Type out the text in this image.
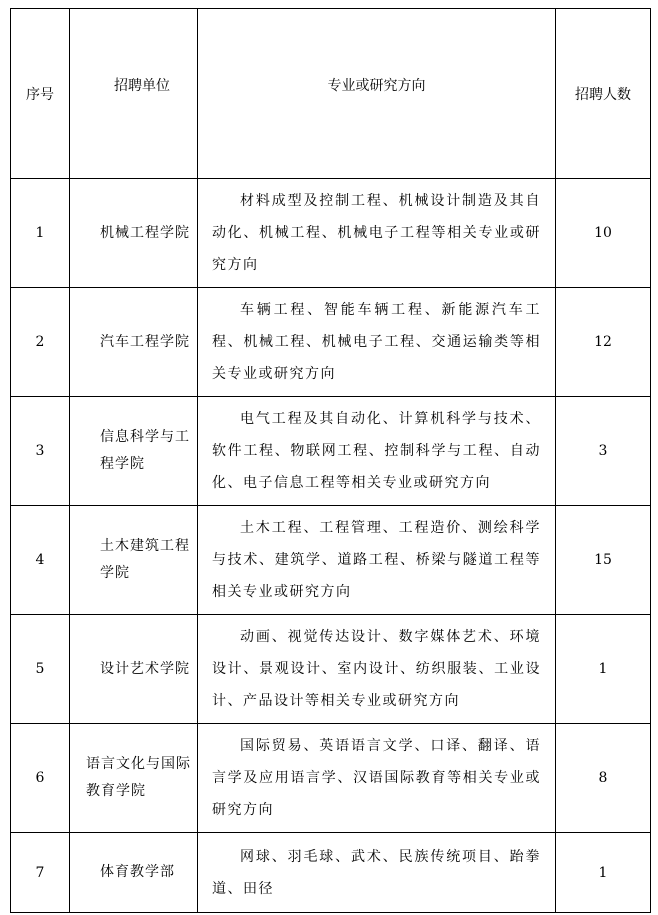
序号	招聘单位	专业或研究方向	招聘人数
1	机械工程学院	材料成型及控制工程、机械设计制造及其自动化、机械工程、机械电子工程等相关专业或研究方向	10
2	汽车工程学院	车辆工程、智能车辆工程、新能源汽车工程、机械工程、机械电子工程、交通运输类等相关专业或研究方向	12
3	信息科学与工程学院	电气工程及其自动化、计算机科学与技术、软件工程、物联网工程、控制科学与工程、自动化、电子信息工程等相关专业或研究方向	3
4	土木建筑工程学院	土木工程、工程管理、工程造价、测绘科学与技术、建筑学、道路工程、桥梁与隧道工程等相关专业或研究方向	15
5	设计艺术学院	动画、视觉传达设计、数字媒体艺术、环境设计、景观设计、室内设计、纺织服装、工业设计、产品设计等相关专业或研究方向	1
6	语言文化与国际教育学院	国际贸易、英语语言文学、口译、翻译、语言学及应用语言学、汉语国际教育等相关专业或研究方向	8
7	体育教学部	网球、羽毛球、武术、民族传统项目、跆拳道、田径	1
